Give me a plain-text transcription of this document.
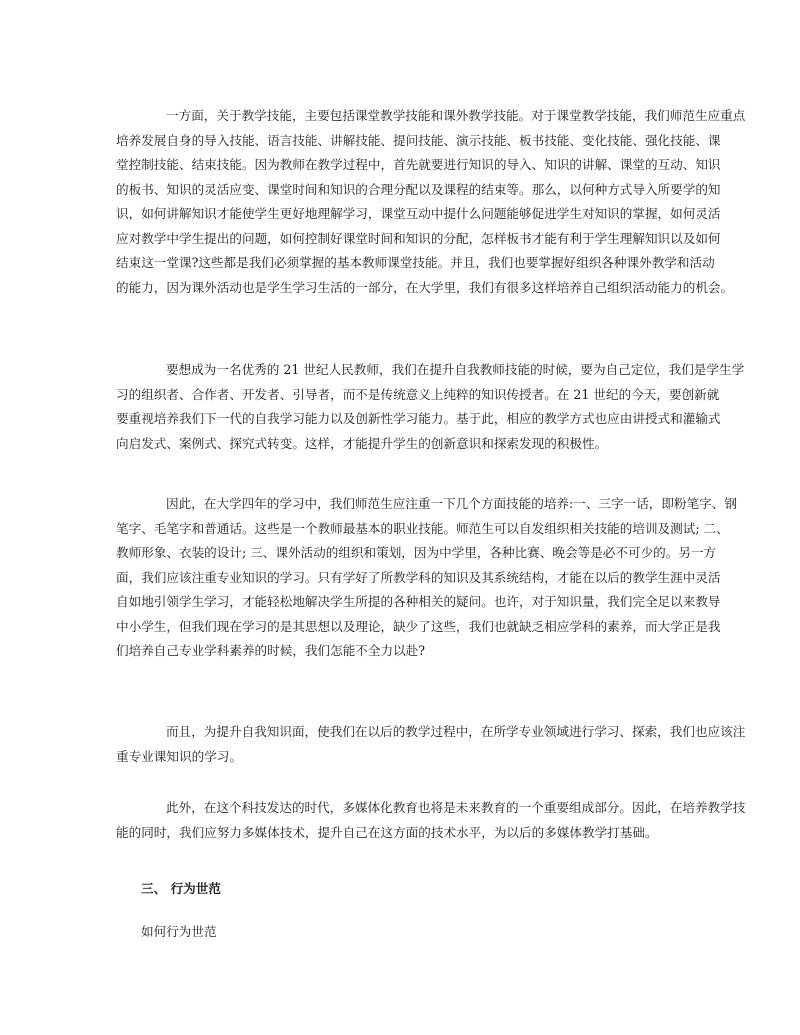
一方面，关于教学技能，主要包括课堂教学技能和课外教学技能。对于课堂教学技能，我们师范生应重点
培养发展自身的导入技能、语言技能、讲解技能、提问技能、演示技能、板书技能、变化技能、强化技能、课
堂控制技能、结束技能。因为教师在教学过程中，首先就要进行知识的导入、知识的讲解、课堂的互动、知识
的板书、知识的灵活应变、课堂时间和知识的合理分配以及课程的结束等。那么，以何种方式导入所要学的知
识，如何讲解知识才能使学生更好地理解学习，课堂互动中提什么问题能够促进学生对知识的掌握，如何灵活
应对教学中学生提出的问题，如何控制好课堂时间和知识的分配，怎样板书才能有利于学生理解知识以及如何
结束这一堂课?这些都是我们必须掌握的基本教师课堂技能。并且，我们也要掌握好组织各种课外教学和活动
的能力，因为课外活动也是学生学习生活的一部分，在大学里，我们有很多这样培养自己组织活动能力的机会。
要想成为一名优秀的 21 世纪人民教师，我们在提升自我教师技能的时候，要为自己定位，我们是学生学
习的组织者、合作者、开发者、引导者，而不是传统意义上纯粹的知识传授者。在 21 世纪的今天，要创新就
要重视培养我们下一代的自我学习能力以及创新性学习能力。基于此，相应的教学方式也应由讲授式和灌输式
向启发式、案例式、探究式转变。这样，才能提升学生的创新意识和探索发现的积极性。
因此，在大学四年的学习中，我们师范生应注重一下几个方面技能的培养:一、三字一话，即粉笔字、钢
笔字、毛笔字和普通话。这些是一个教师最基本的职业技能。师范生可以自发组织相关技能的培训及测试; 二、
教师形象、衣装的设计; 三、课外活动的组织和策划，因为中学里，各种比赛、晚会等是必不可少的。另一方
面，我们应该注重专业知识的学习。只有学好了所教学科的知识及其系统结构，才能在以后的教学生涯中灵活
自如地引领学生学习，才能轻松地解决学生所提的各种相关的疑问。也许，对于知识量，我们完全足以来教导
中小学生，但我们现在学习的是其思想以及理论，缺少了这些，我们也就缺乏相应学科的素养，而大学正是我
们培养自己专业学科素养的时候，我们怎能不全力以赴?
而且，为提升自我知识面，使我们在以后的教学过程中，在所学专业领域进行学习、探索，我们也应该注
重专业课知识的学习。
此外，在这个科技发达的时代，多媒体化教育也将是未来教育的一个重要组成部分。因此，在培养教学技
能的同时，我们应努力多媒体技术，提升自己在这方面的技术水平，为以后的多媒体教学打基础。

三、 行为世范

如何行为世范
